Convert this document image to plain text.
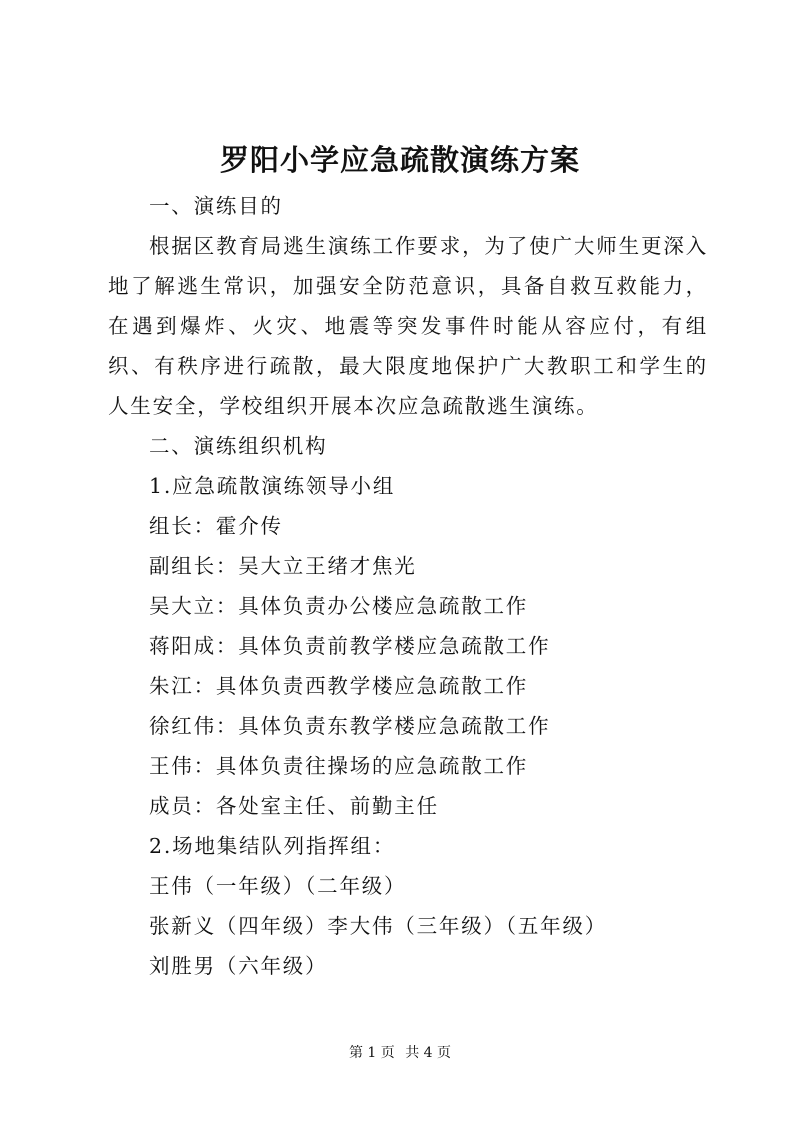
罗阳小学应急疏散演练方案

一、演练目的

根据区教育局逃生演练工作要求，为了使广大师生更深入地了解逃生常识，加强安全防范意识，具备自救互救能力，在遇到爆炸、火灾、地震等突发事件时能从容应付，有组织、有秩序进行疏散，最大限度地保护广大教职工和学生的人生安全，学校组织开展本次应急疏散逃生演练。

二、演练组织机构

1.应急疏散演练领导小组

组长：霍介传

副组长：吴大立王绪才焦光

吴大立：具体负责办公楼应急疏散工作

蒋阳成：具体负责前教学楼应急疏散工作

朱江：具体负责西教学楼应急疏散工作

徐红伟：具体负责东教学楼应急疏散工作

王伟：具体负责往操场的应急疏散工作

成员：各处室主任、前勤主任

2.场地集结队列指挥组：

王伟（一年级）（二年级）

张新义（四年级）李大伟（三年级）（五年级）

刘胜男（六年级）

第 1 页 共 4 页
